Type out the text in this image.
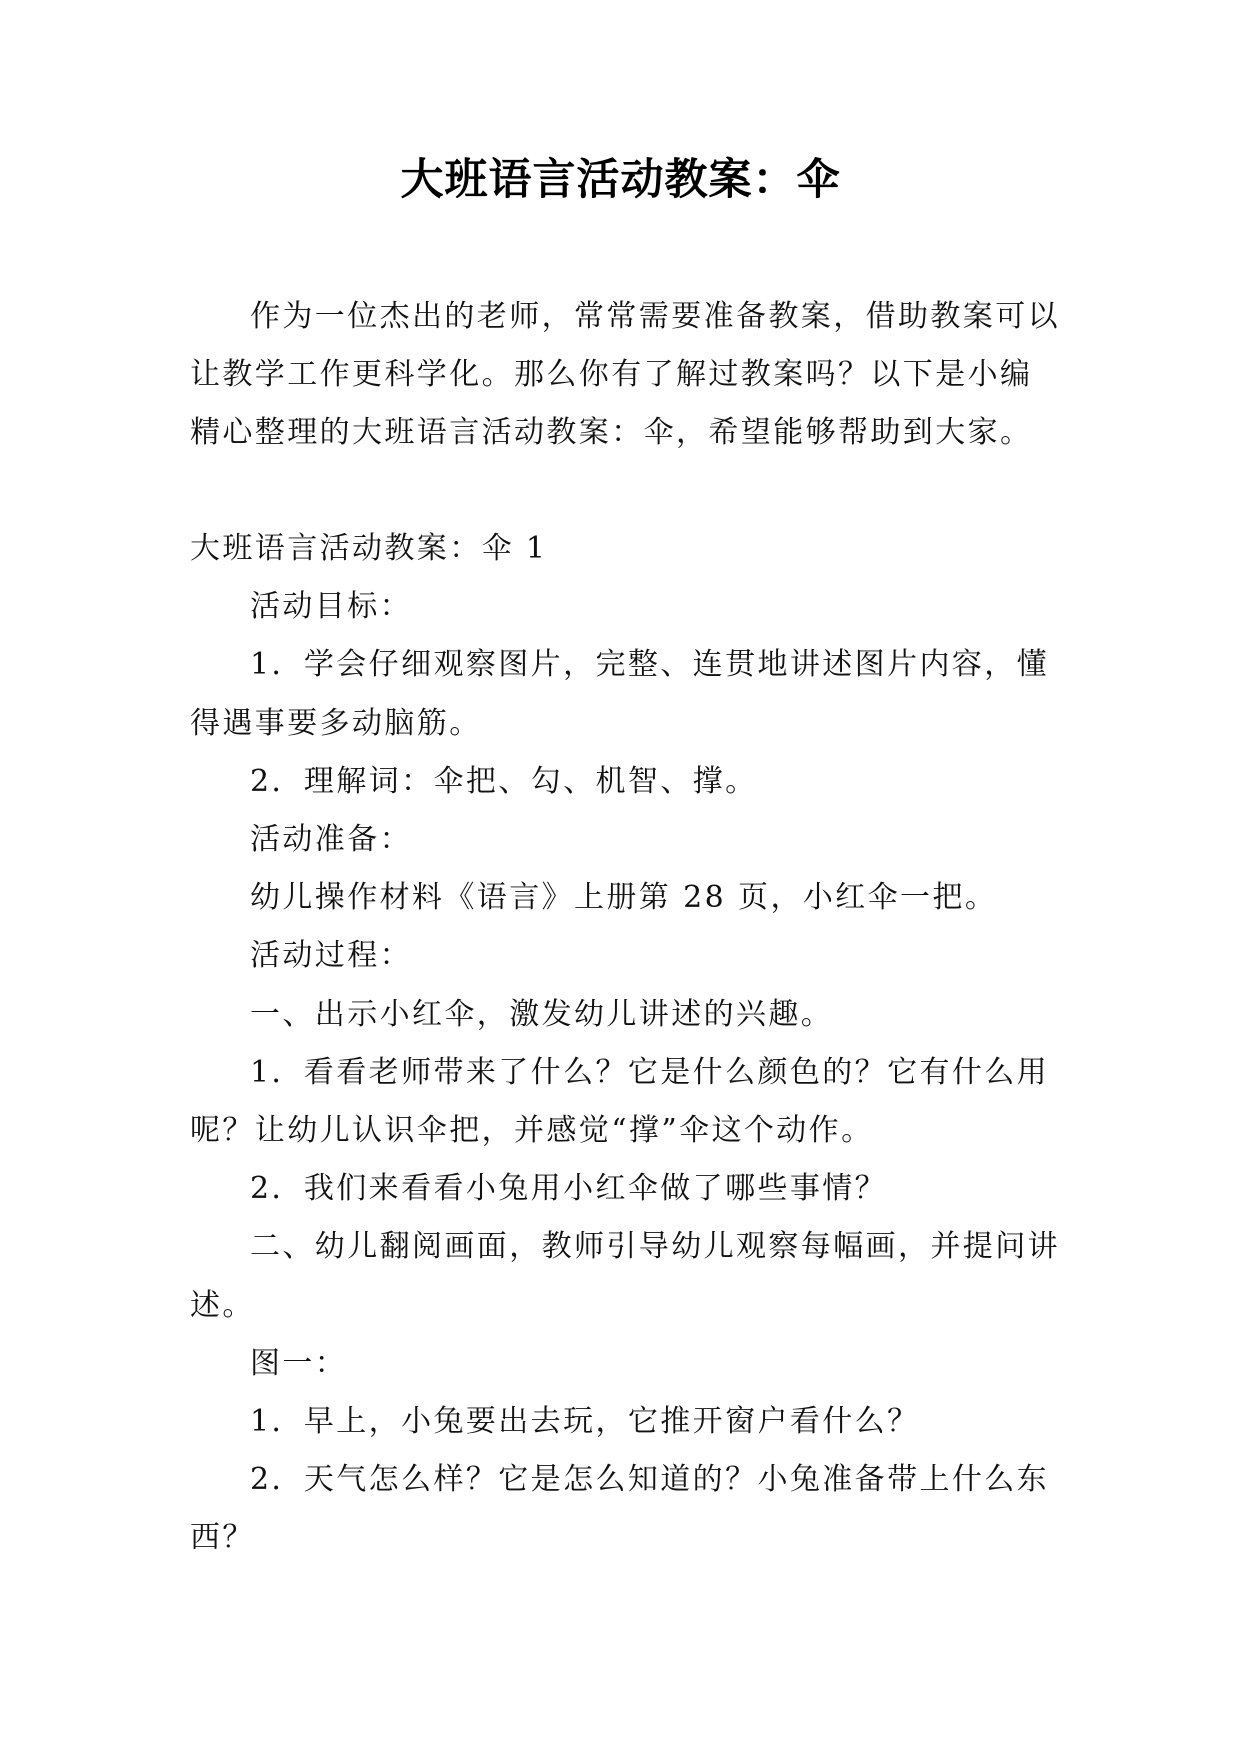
大班语言活动教案：伞

作为一位杰出的老师，常常需要准备教案，借助教案可以让教学工作更科学化。那么你有了解过教案吗？以下是小编精心整理的大班语言活动教案：伞，希望能够帮助到大家。

大班语言活动教案：伞 1

活动目标：

1．学会仔细观察图片，完整、连贯地讲述图片内容，懂得遇事要多动脑筋。

2．理解词：伞把、勾、机智、撑。

活动准备：

幼儿操作材料《语言》上册第 28 页，小红伞一把。

活动过程：

一、出示小红伞，激发幼儿讲述的兴趣。

1．看看老师带来了什么？它是什么颜色的？它有什么用呢？让幼儿认识伞把，并感觉“撑”伞这个动作。

2．我们来看看小兔用小红伞做了哪些事情？

二、幼儿翻阅画面，教师引导幼儿观察每幅画，并提问讲述。

图一：

1．早上，小兔要出去玩，它推开窗户看什么？

2．天气怎么样？它是怎么知道的？小兔准备带上什么东西？
